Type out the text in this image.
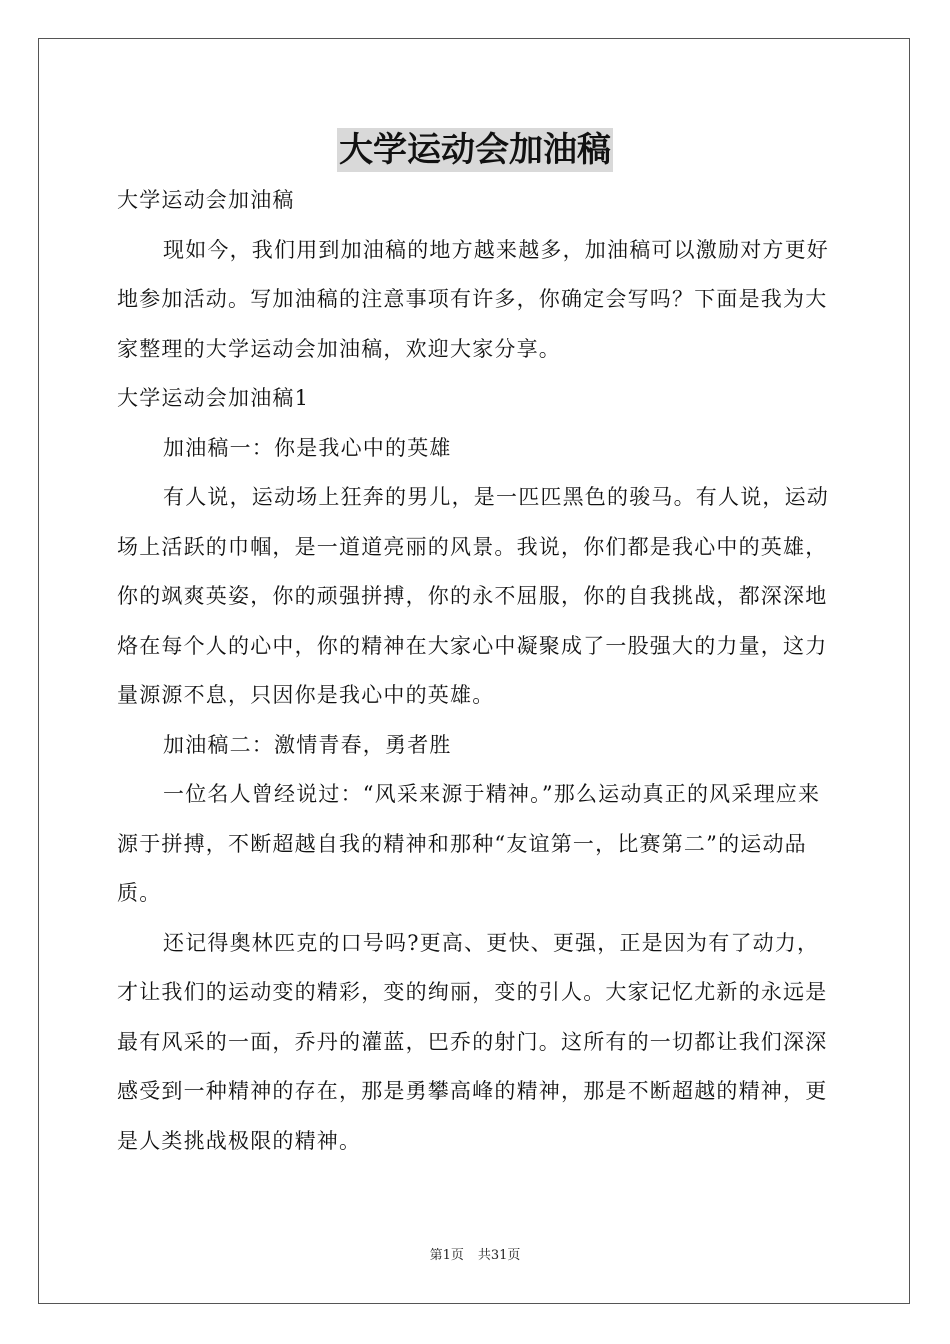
大学运动会加油稿

大学运动会加油稿

现如今，我们用到加油稿的地方越来越多，加油稿可以激励对方更好地参加活动。写加油稿的注意事项有许多，你确定会写吗？下面是我为大家整理的大学运动会加油稿，欢迎大家分享。

大学运动会加油稿1

加油稿一：你是我心中的英雄

有人说，运动场上狂奔的男儿，是一匹匹黑色的骏马。有人说，运动场上活跃的巾帼，是一道道亮丽的风景。我说，你们都是我心中的英雄，你的飒爽英姿，你的顽强拼搏，你的永不屈服，你的自我挑战，都深深地烙在每个人的心中，你的精神在大家心中凝聚成了一股强大的力量，这力量源源不息，只因你是我心中的英雄。

加油稿二：激情青春，勇者胜

一位名人曾经说过：“风采来源于精神。”那么运动真正的风采理应来源于拼搏，不断超越自我的精神和那种“友谊第一，比赛第二”的运动品质。

还记得奥林匹克的口号吗?更高、更快、更强，正是因为有了动力，才让我们的运动变的精彩，变的绚丽，变的引人。大家记忆尤新的永远是最有风采的一面，乔丹的灌蓝，巴乔的射门。这所有的一切都让我们深深感受到一种精神的存在，那是勇攀高峰的精神，那是不断超越的精神，更是人类挑战极限的精神。

第1页 共31页
